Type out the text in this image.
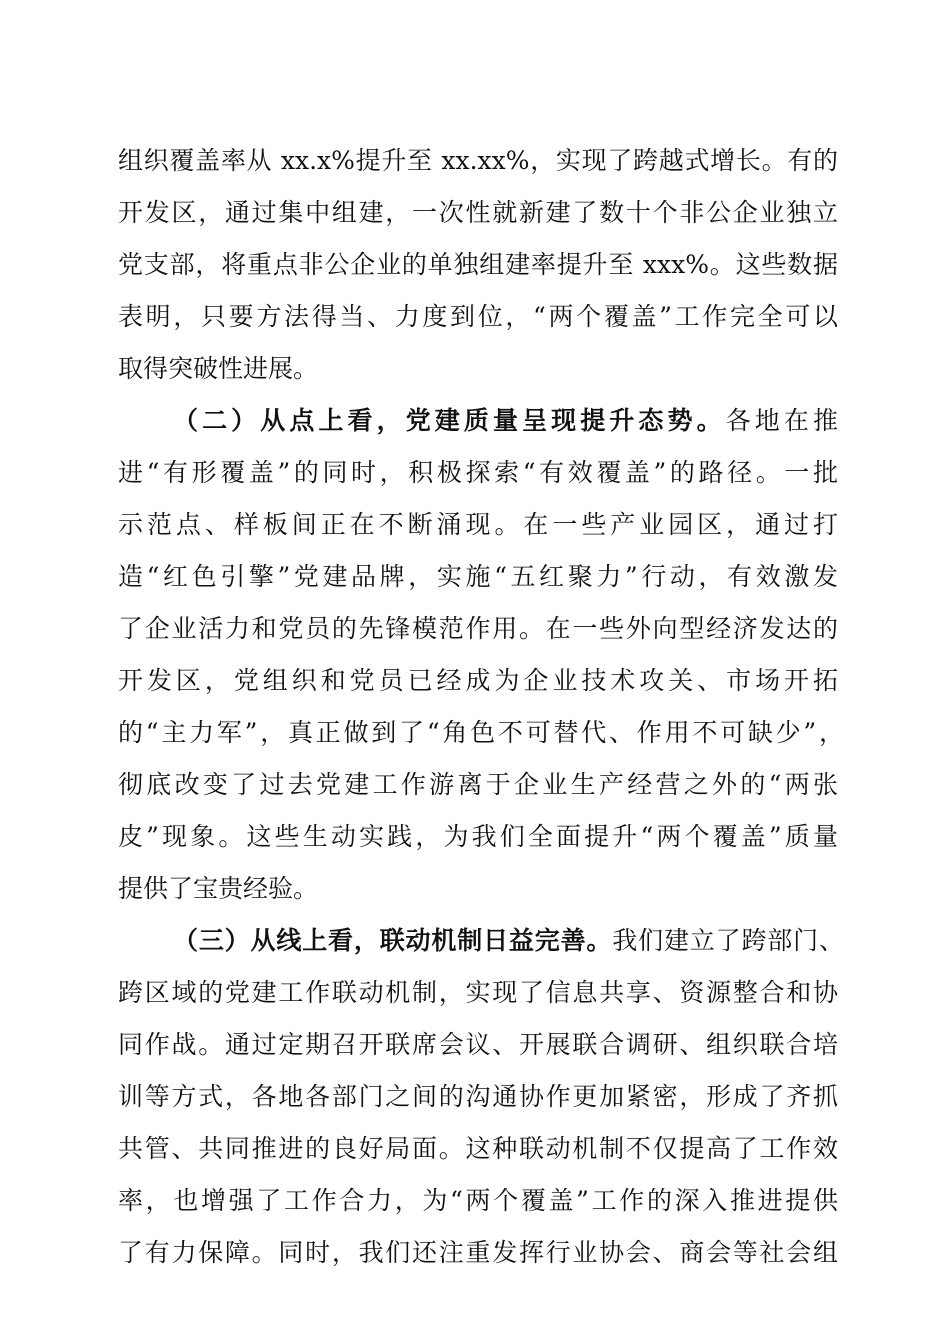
组织覆盖率从 xx.x%提升至 xx.xx%，实现了跨越式增长。有的
开发区，通过集中组建，一次性就新建了数十个非公企业独立
党支部，将重点非公企业的单独组建率提升至 xxx%。这些数据
表明，只要方法得当、力度到位，“两个覆盖”工作完全可以
取得突破性进展。
（二）从点上看，党建质量呈现提升态势。各地在推
进“有形覆盖”的同时，积极探索“有效覆盖”的路径。一批
示范点、样板间正在不断涌现。在一些产业园区，通过打
造“红色引擎”党建品牌，实施“五红聚力”行动，有效激发
了企业活力和党员的先锋模范作用。在一些外向型经济发达的
开发区，党组织和党员已经成为企业技术攻关、市场开拓
的“主力军”，真正做到了“角色不可替代、作用不可缺少”，
彻底改变了过去党建工作游离于企业生产经营之外的“两张
皮”现象。这些生动实践，为我们全面提升“两个覆盖”质量
提供了宝贵经验。
（三）从线上看，联动机制日益完善。我们建立了跨部门、
跨区域的党建工作联动机制，实现了信息共享、资源整合和协
同作战。通过定期召开联席会议、开展联合调研、组织联合培
训等方式，各地各部门之间的沟通协作更加紧密，形成了齐抓
共管、共同推进的良好局面。这种联动机制不仅提高了工作效
率，也增强了工作合力，为“两个覆盖”工作的深入推进提供
了有力保障。同时，我们还注重发挥行业协会、商会等社会组
